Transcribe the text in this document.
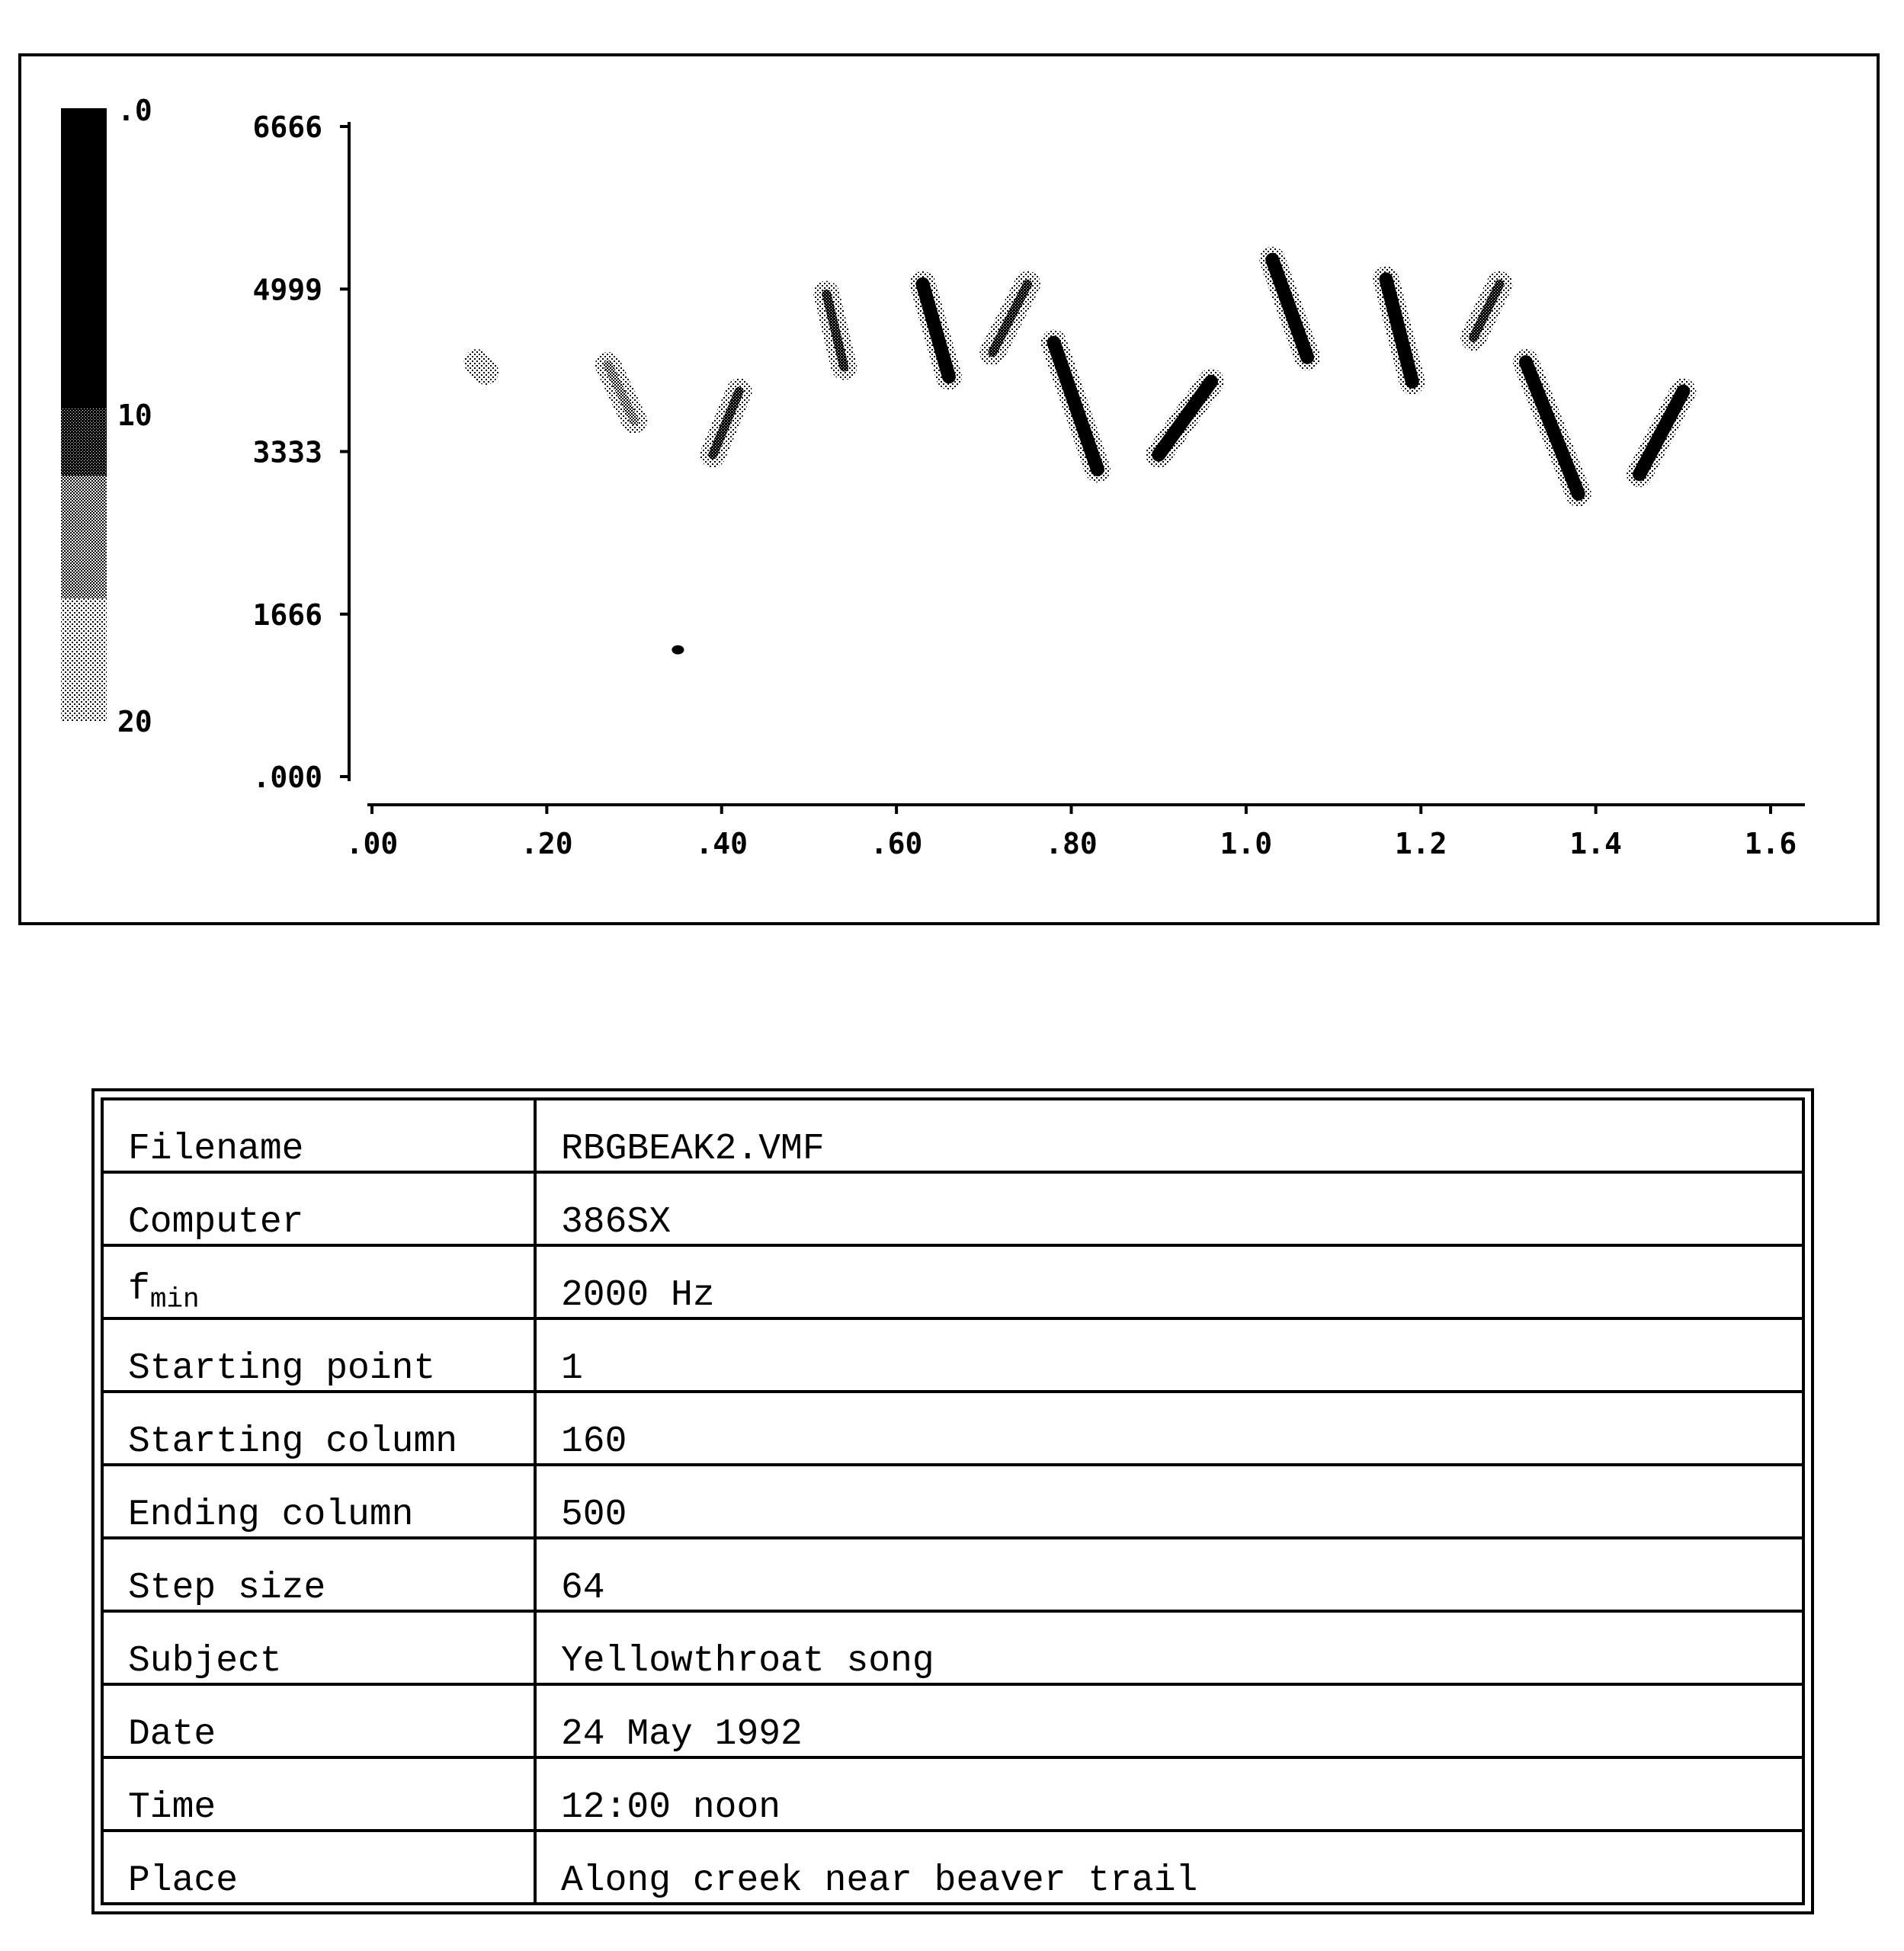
.0
10
20
.000
1666
3333
4999
6666
.00	.20	.40	.60	.80	1.0	1.2	1.4	1.6
Filename	RBGBEAK2.VMF
Computer	386SX
$f_{min}$	2000 Hz
Starting point	1
Starting column	160
Ending column	500
Step size	64
Subject	Yellowthroat song
Date	24 May 1992
Time	12:00 noon
Place	Along creek near beaver trail
